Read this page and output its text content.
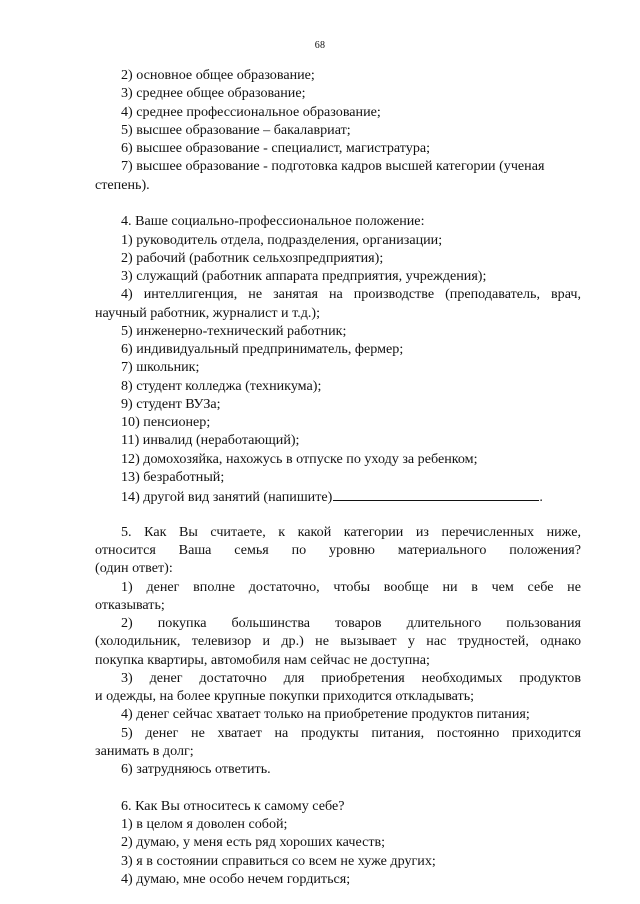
68
2) основное общее образование;
3) среднее общее образование;
4) среднее профессиональное образование;
5) высшее образование – бакалавриат;
6) высшее образование - специалист, магистратура;
7) высшее образование - подготовка кадров высшей категории (ученая
степень).
4. Ваше социально-профессиональное положение:
1) руководитель отдела, подразделения, организации;
2) рабочий (работник сельхозпредприятия);
3) служащий (работник аппарата предприятия, учреждения);
4) интеллигенция, не занятая на производстве (преподаватель, врач,
научный работник, журналист и т.д.);
5) инженерно-технический работник;
6) индивидуальный предприниматель, фермер;
7) школьник;
8) студент колледжа (техникума);
9) студент ВУЗа;
10) пенсионер;
11) инвалид (неработающий);
12) домохозяйка, нахожусь в отпуске по уходу за ребенком;
13) безработный;
14) другой вид занятий (напишите)	.
5. Как Вы считаете, к какой категории из перечисленных ниже,
относится Ваша семья по уровню материального положения?
(один ответ):
1) денег вполне достаточно, чтобы вообще ни в чем себе не
отказывать;
2) покупка большинства товаров длительного пользования
(холодильник, телевизор и др.) не вызывает у нас трудностей, однако
покупка квартиры, автомобиля нам сейчас не доступна;
3) денег достаточно для приобретения необходимых продуктов
и одежды, на более крупные покупки приходится откладывать;
4) денег сейчас хватает только на приобретение продуктов питания;
5) денег не хватает на продукты питания, постоянно приходится
занимать в долг;
6) затрудняюсь ответить.
6. Как Вы относитесь к самому себе?
1) в целом я доволен собой;
2) думаю, у меня есть ряд хороших качеств;
3) я в состоянии справиться со всем не хуже других;
4) думаю, мне особо нечем гордиться;
